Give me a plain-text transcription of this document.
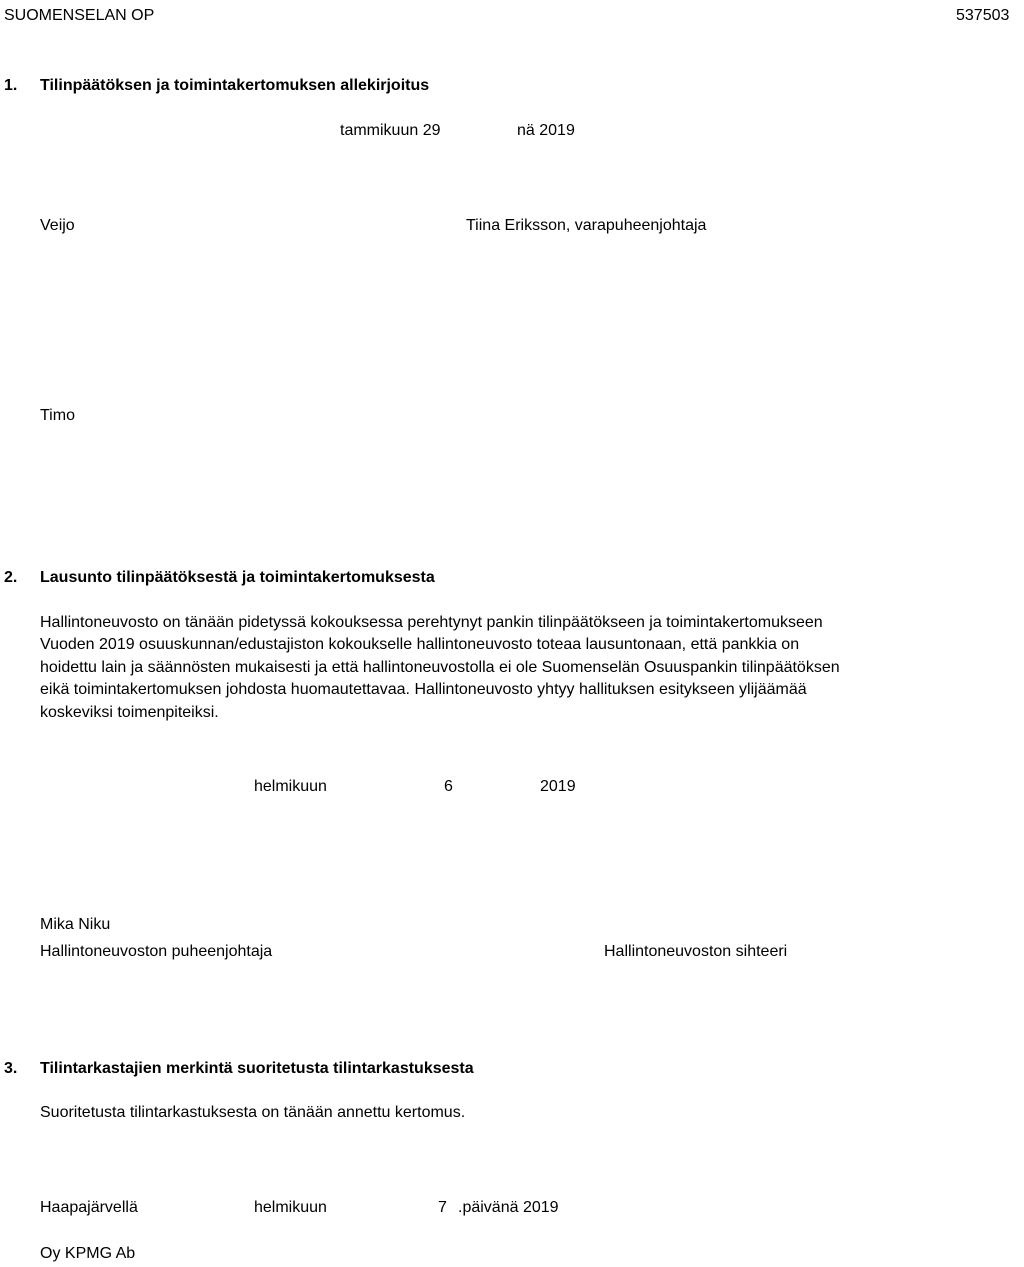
SUOMENSELAN OP	537503
1. Tilinpäätöksen ja toimintakertomuksen allekirjoitus
tammikuun 29	nä 2019
Veijo	Tiina Eriksson, varapuheenjohtaja
Timo
2. Lausunto tilinpäätöksestä ja toimintakertomuksesta
Hallintoneuvosto on tänään pidetyssä kokouksessa perehtynyt pankin tilinpäätökseen ja toimintakertomukseen
Vuoden 2019 osuuskunnan/edustajiston kokoukselle hallintoneuvosto toteaa lausuntonaan, että pankkia on
hoidettu lain ja säännösten mukaisesti ja että hallintoneuvostolla ei ole Suomenselän Osuuspankin tilinpäätöksen
eikä toimintakertomuksen johdosta huomautettavaa. Hallintoneuvosto yhtyy hallituksen esitykseen ylijäämää
koskeviksi toimenpiteiksi.
helmikuun	6	2019
Mika Niku
Hallintoneuvoston puheenjohtaja	Hallintoneuvoston sihteeri
3. Tilintarkastajien merkintä suoritetusta tilintarkastuksesta
Suoritetusta tilintarkastuksesta on tänään annettu kertomus.
Haapajärvellä	helmikuun	7 .päivänä 2019
Oy KPMG Ab
